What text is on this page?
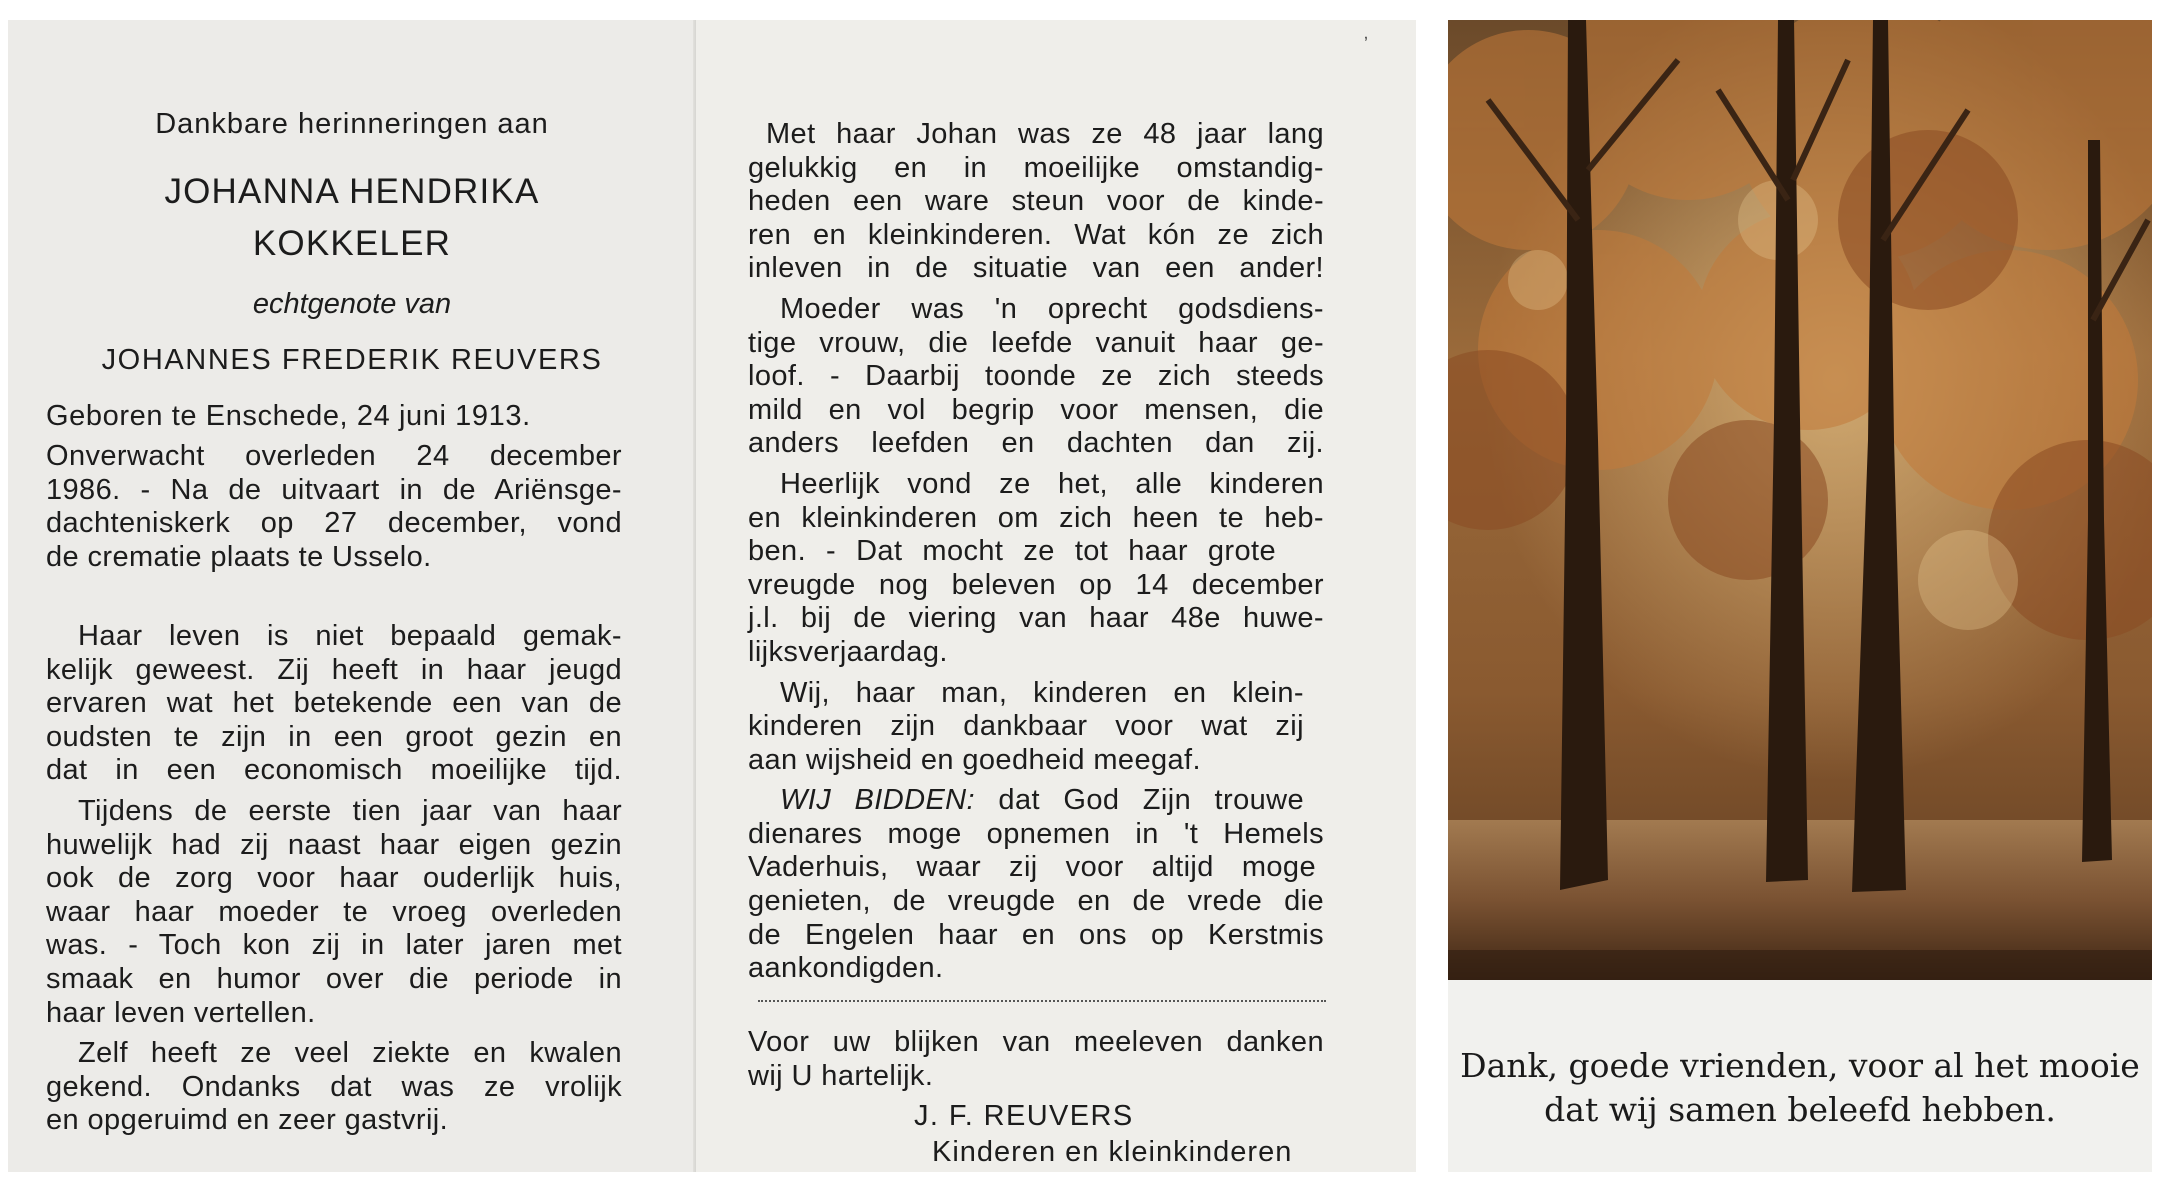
Dankbare herinneringen aan
JOHANNA HENDRIKA
KOKKELER
echtgenote van
JOHANNES FREDERIK REUVERS
Geboren te Enschede, 24 juni 1913.
Onverwacht overleden 24 december
1986. - Na de uitvaart in de Ariënsge-
dachteniskerk op 27 december, vond
de crematie plaats te Usselo.

Haar leven is niet bepaald gemak-
kelijk geweest. Zij heeft in haar jeugd
ervaren wat het betekende een van de
oudsten te zijn in een groot gezin en
dat in een economisch moeilijke tijd.

Tijdens de eerste tien jaar van haar
huwelijk had zij naast haar eigen gezin
ook de zorg voor haar ouderlijk huis,
waar haar moeder te vroeg overleden
was. - Toch kon zij in later jaren met
smaak en humor over die periode in
haar leven vertellen.

Zelf heeft ze veel ziekte en kwalen
gekend. Ondanks dat was ze vrolijk
en opgeruimd en zeer gastvrij.

ʼ

Met haar Johan was ze 48 jaar lang
gelukkig en in moeilijke omstandig-
heden een ware steun voor de kinde-
ren en kleinkinderen. Wat kón ze zich
inleven in de situatie van een ander!

Moeder was 'n oprecht godsdiens-
tige vrouw, die leefde vanuit haar ge-
loof. - Daarbij toonde ze zich steeds
mild en vol begrip voor mensen, die
anders leefden en dachten dan zij.

Heerlijk vond ze het, alle kinderen
en kleinkinderen om zich heen te heb-
ben. - Dat mocht ze tot haar grote
vreugde nog beleven op 14 december
j.l. bij de viering van haar 48e huwe-
lijksverjaardag.

Wij, haar man, kinderen en klein-
kinderen zijn dankbaar voor wat zij
aan wijsheid en goedheid meegaf.

WIJ BIDDEN: dat God Zijn trouwe
dienares moge opnemen in 't Hemels
Vaderhuis, waar zij voor altijd moge
genieten, de vreugde en de vrede die
de Engelen haar en ons op Kerstmis
aankondigden.

Voor uw blijken van meeleven danken
wij U hartelijk.
J. F. REUVERS
Kinderen en kleinkinderen
Dank, goede vrienden, voor al het mooie
dat wij samen beleefd hebben.
